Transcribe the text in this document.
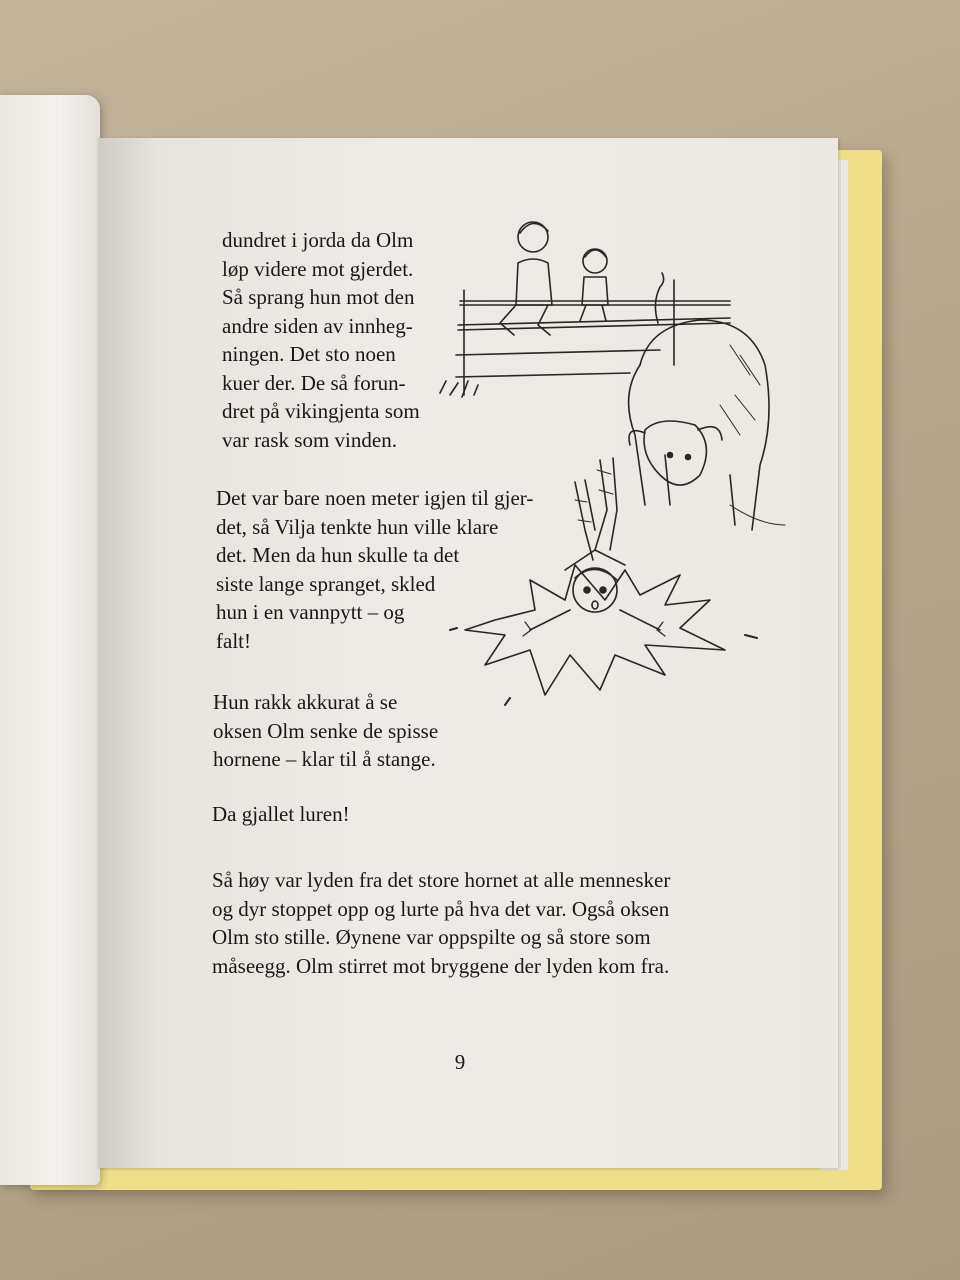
dundret i jorda da Olm
løp videre mot gjerdet.
Så sprang hun mot den
andre siden av innheg-
ningen. Det sto noen
kuer der. De så forun-
dret på vikingjenta som
var rask som vinden.
Det var bare noen meter igjen til gjer-
det, så Vilja tenkte hun ville klare
det. Men da hun skulle ta det
siste lange spranget, skled
hun i en vannpytt – og
falt!
Hun rakk akkurat å se
oksen Olm senke de spisse
hornene – klar til å stange.
Da gjallet luren!
Så høy var lyden fra det store hornet at alle mennesker
og dyr stoppet opp og lurte på hva det var. Også oksen
Olm sto stille. Øynene var oppspilte og så store som
måseegg. Olm stirret mot bryggene der lyden kom fra.
9
